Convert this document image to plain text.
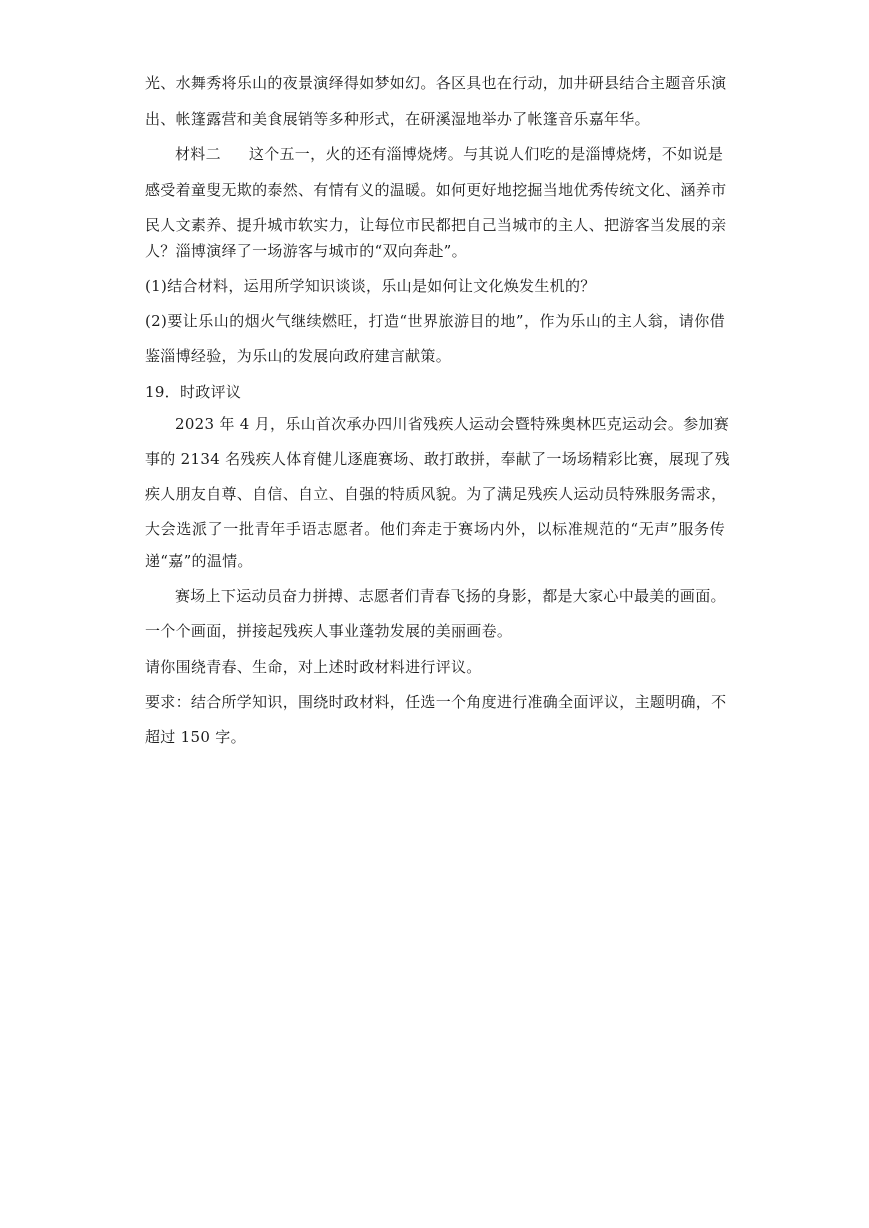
光、水舞秀将乐山的夜景演绎得如梦如幻。各区具也在行动，加井研县结合主题音乐演
出、帐篷露营和美食展销等多种形式，在研溪湿地举办了帐篷音乐嘉年华。
材料二 这个五一，火的还有淄博烧烤。与其说人们吃的是淄博烧烤，不如说是
感受着童叟无欺的泰然、有情有义的温暖。如何更好地挖掘当地优秀传统文化、涵养市
民人文素养、提升城市软实力，让每位市民都把自己当城市的主人、把游客当发展的亲
人？淄博演绎了一场游客与城市的“双向奔赴”。
(1)结合材料，运用所学知识谈谈，乐山是如何让文化焕发生机的？
(2)要让乐山的烟火气继续燃旺，打造“世界旅游目的地”，作为乐山的主人翁，请你借
鉴淄博经验，为乐山的发展向政府建言献策。
19．时政评议
2023 年 4 月，乐山首次承办四川省残疾人运动会暨特殊奥林匹克运动会。参加赛
事的 2134 名残疾人体育健儿逐鹿赛场、敢打敢拼，奉献了一场场精彩比赛，展现了残
疾人朋友自尊、自信、自立、自强的特质风貌。为了满足残疾人运动员特殊服务需求，
大会选派了一批青年手语志愿者。他们奔走于赛场内外，以标准规范的“无声”服务传
递“嘉”的温情。
赛场上下运动员奋力拼搏、志愿者们青春飞扬的身影，都是大家心中最美的画面。
一个个画面，拼接起残疾人事业蓬勃发展的美丽画卷。
请你围绕青春、生命，对上述时政材料进行评议。
要求：结合所学知识，围绕时政材料，任选一个角度进行准确全面评议，主题明确，不
超过 150 字。
